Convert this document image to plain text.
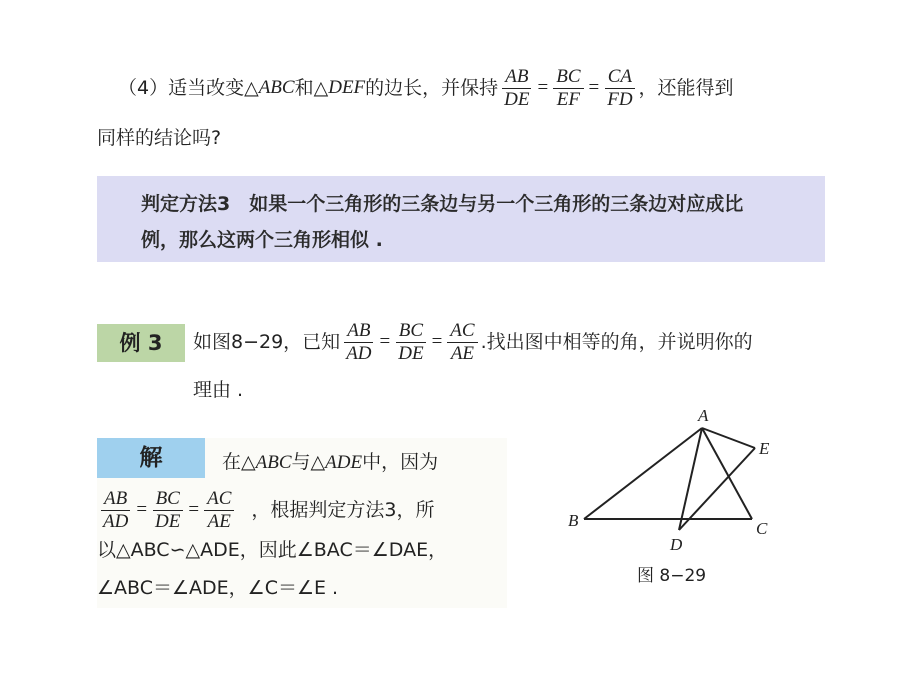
（4）适当改变△ ABC 和△ DEF 的边长，并保持 $\frac{AB}{DE} = \frac{BC}{EF} = \frac{CA}{FD}$ ，还能得到
同样的结论吗?
判定方法3　如果一个三角形的三条边与另一个三角形的三条边对应成比
例，那么这两个三角形相似 .
例 3	如图8−29，已知 $\frac{AB}{AD} = \frac{BC}{DE} = \frac{AC}{AE}$ .找出图中相等的角，并说明你的
理由 .
解	在△ABC与△ADE中，因为
$\frac{AB}{AD} = \frac{BC}{DE} = \frac{AC}{AE}$ ，根据判定方法3，所
以△ABC∽△ADE，因此∠BAC＝∠DAE，
∠ABC＝∠ADE，∠C＝∠E .
A
B	C
D
E
图 8−29
